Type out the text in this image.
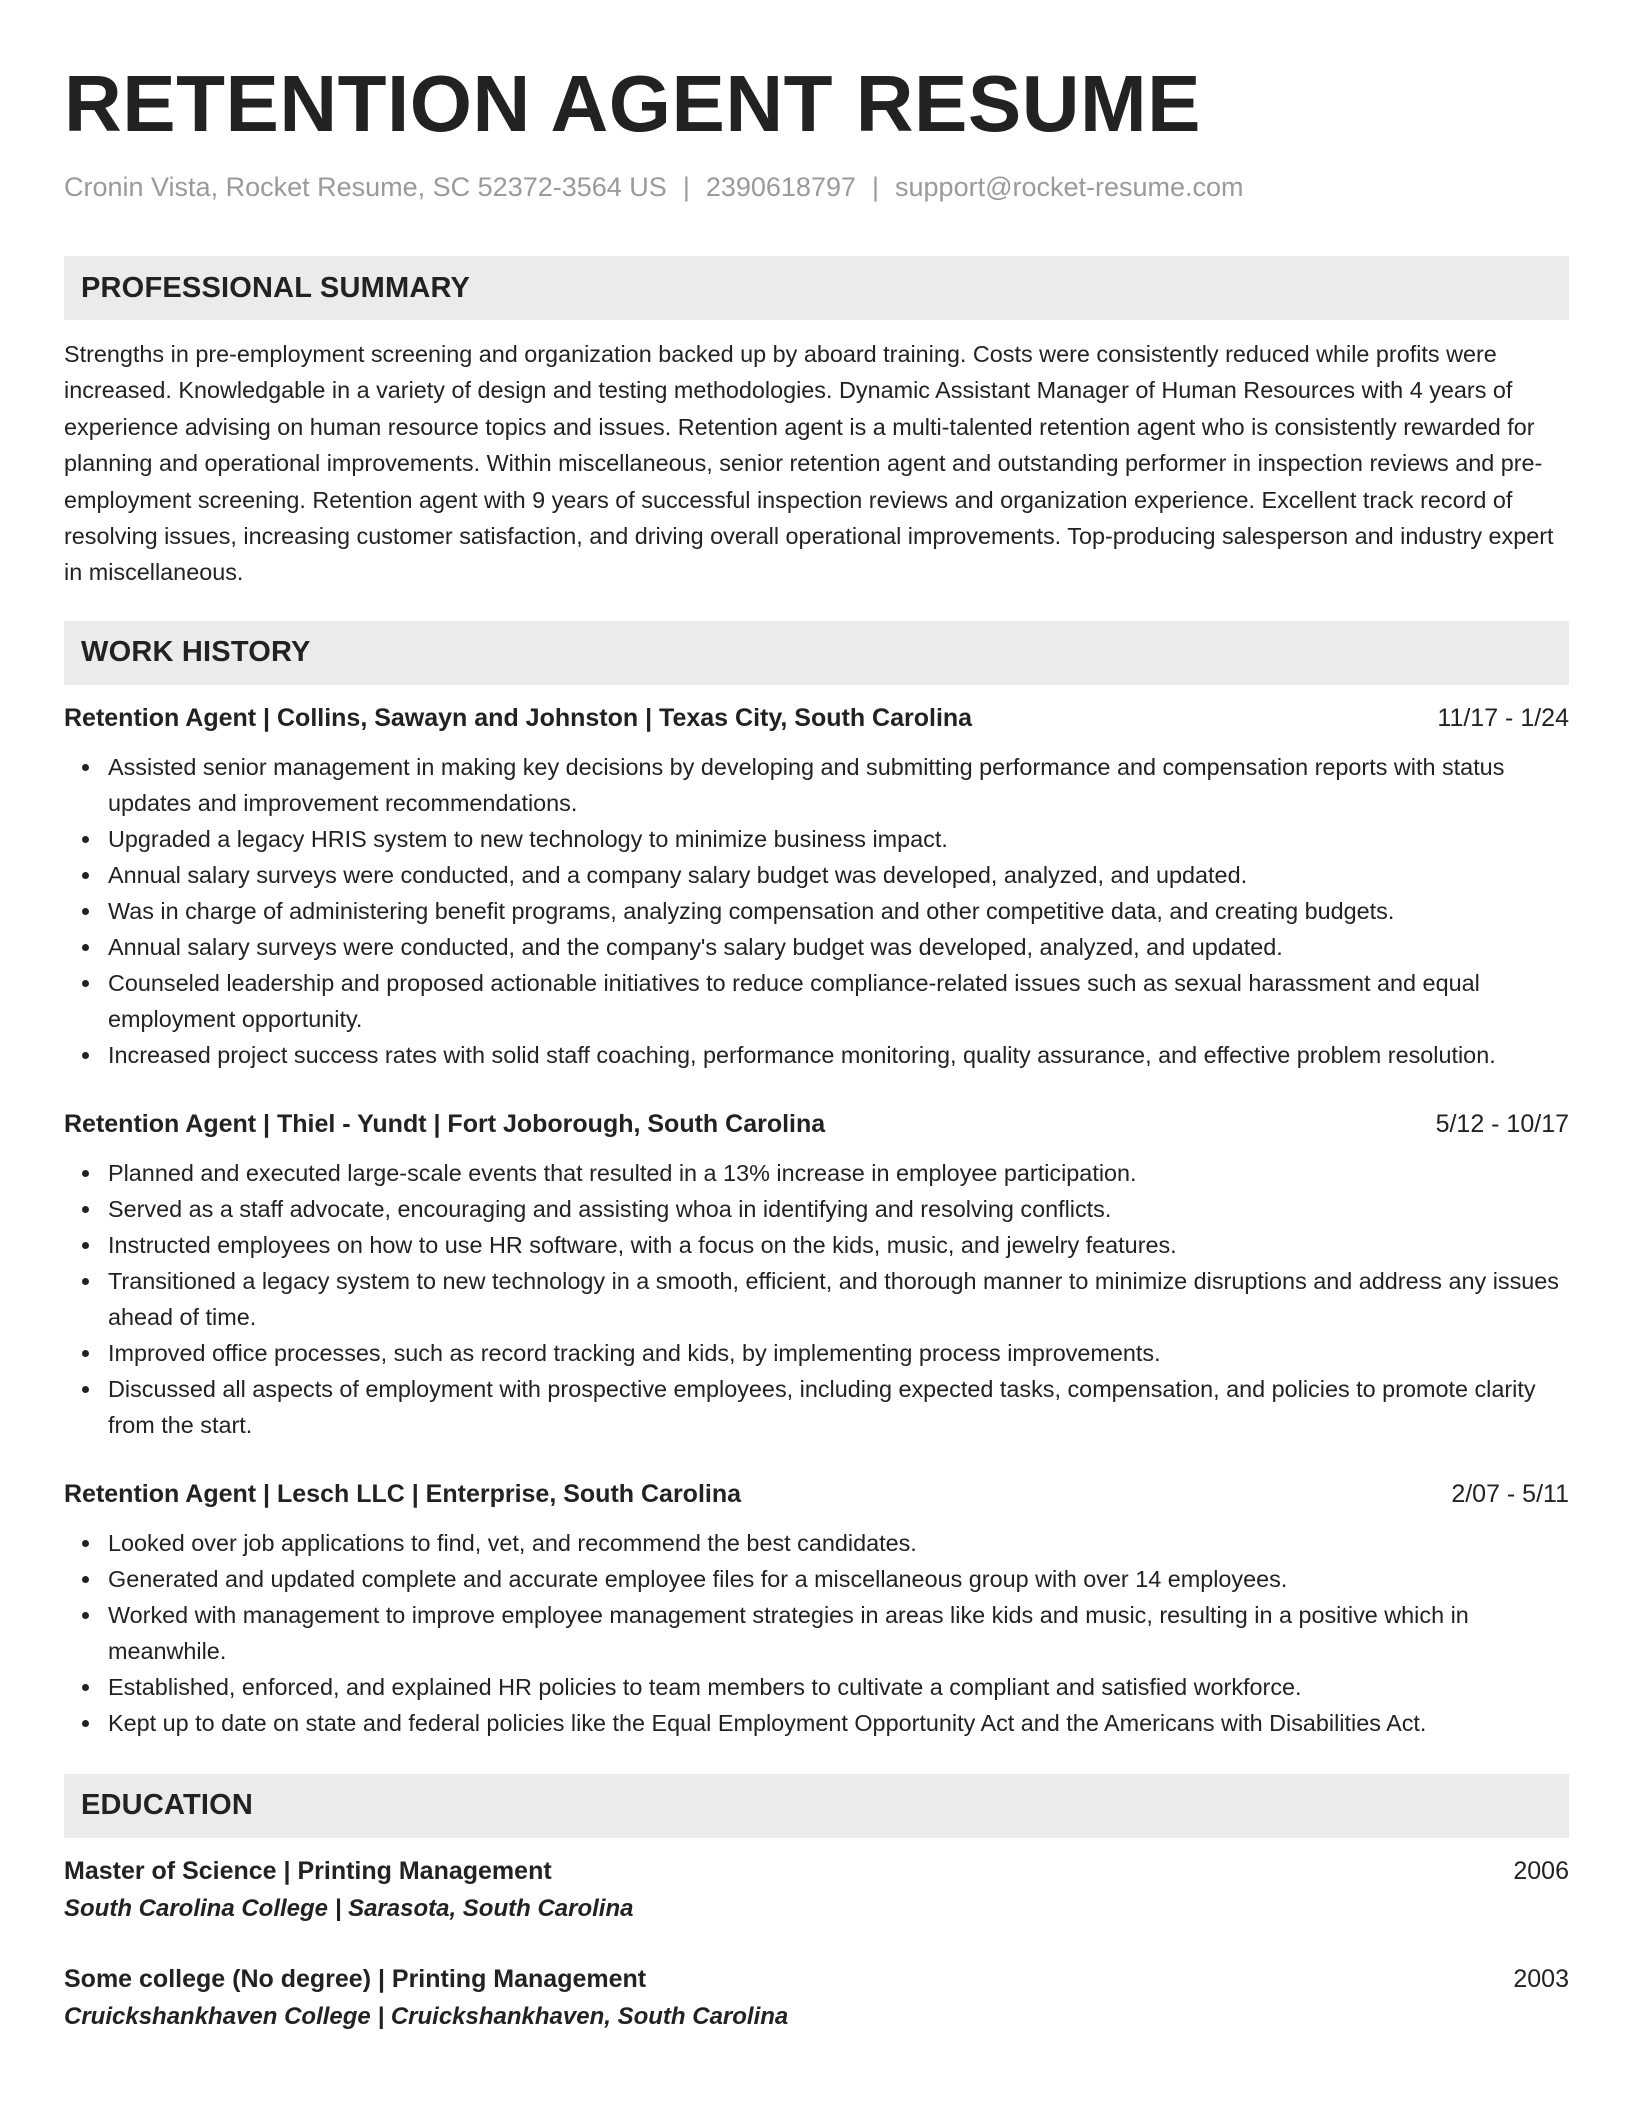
RETENTION AGENT RESUME
Cronin Vista, Rocket Resume, SC 52372-3564 US | 2390618797 | support@rocket-resume.com
PROFESSIONAL SUMMARY
Strengths in pre-employment screening and organization backed up by aboard training. Costs were consistently reduced while profits were increased. Knowledgable in a variety of design and testing methodologies. Dynamic Assistant Manager of Human Resources with 4 years of experience advising on human resource topics and issues. Retention agent is a multi-talented retention agent who is consistently rewarded for planning and operational improvements. Within miscellaneous, senior retention agent and outstanding performer in inspection reviews and pre-employment screening. Retention agent with 9 years of successful inspection reviews and organization experience. Excellent track record of resolving issues, increasing customer satisfaction, and driving overall operational improvements. Top-producing salesperson and industry expert in miscellaneous.
WORK HISTORY
Retention Agent | Collins, Sawayn and Johnston | Texas City, South Carolina	11/17 - 1/24
Assisted senior management in making key decisions by developing and submitting performance and compensation reports with status updates and improvement recommendations.
Upgraded a legacy HRIS system to new technology to minimize business impact.
Annual salary surveys were conducted, and a company salary budget was developed, analyzed, and updated.
Was in charge of administering benefit programs, analyzing compensation and other competitive data, and creating budgets.
Annual salary surveys were conducted, and the company's salary budget was developed, analyzed, and updated.
Counseled leadership and proposed actionable initiatives to reduce compliance-related issues such as sexual harassment and equal employment opportunity.
Increased project success rates with solid staff coaching, performance monitoring, quality assurance, and effective problem resolution.
Retention Agent | Thiel - Yundt | Fort Joborough, South Carolina	5/12 - 10/17
Planned and executed large-scale events that resulted in a 13% increase in employee participation.
Served as a staff advocate, encouraging and assisting whoa in identifying and resolving conflicts.
Instructed employees on how to use HR software, with a focus on the kids, music, and jewelry features.
Transitioned a legacy system to new technology in a smooth, efficient, and thorough manner to minimize disruptions and address any issues ahead of time.
Improved office processes, such as record tracking and kids, by implementing process improvements.
Discussed all aspects of employment with prospective employees, including expected tasks, compensation, and policies to promote clarity from the start.
Retention Agent | Lesch LLC | Enterprise, South Carolina	2/07 - 5/11
Looked over job applications to find, vet, and recommend the best candidates.
Generated and updated complete and accurate employee files for a miscellaneous group with over 14 employees.
Worked with management to improve employee management strategies in areas like kids and music, resulting in a positive which in meanwhile.
Established, enforced, and explained HR policies to team members to cultivate a compliant and satisfied workforce.
Kept up to date on state and federal policies like the Equal Employment Opportunity Act and the Americans with Disabilities Act.
EDUCATION
Master of Science | Printing Management	2006
South Carolina College | Sarasota, South Carolina
Some college (No degree) | Printing Management	2003
Cruickshankhaven College | Cruickshankhaven, South Carolina
